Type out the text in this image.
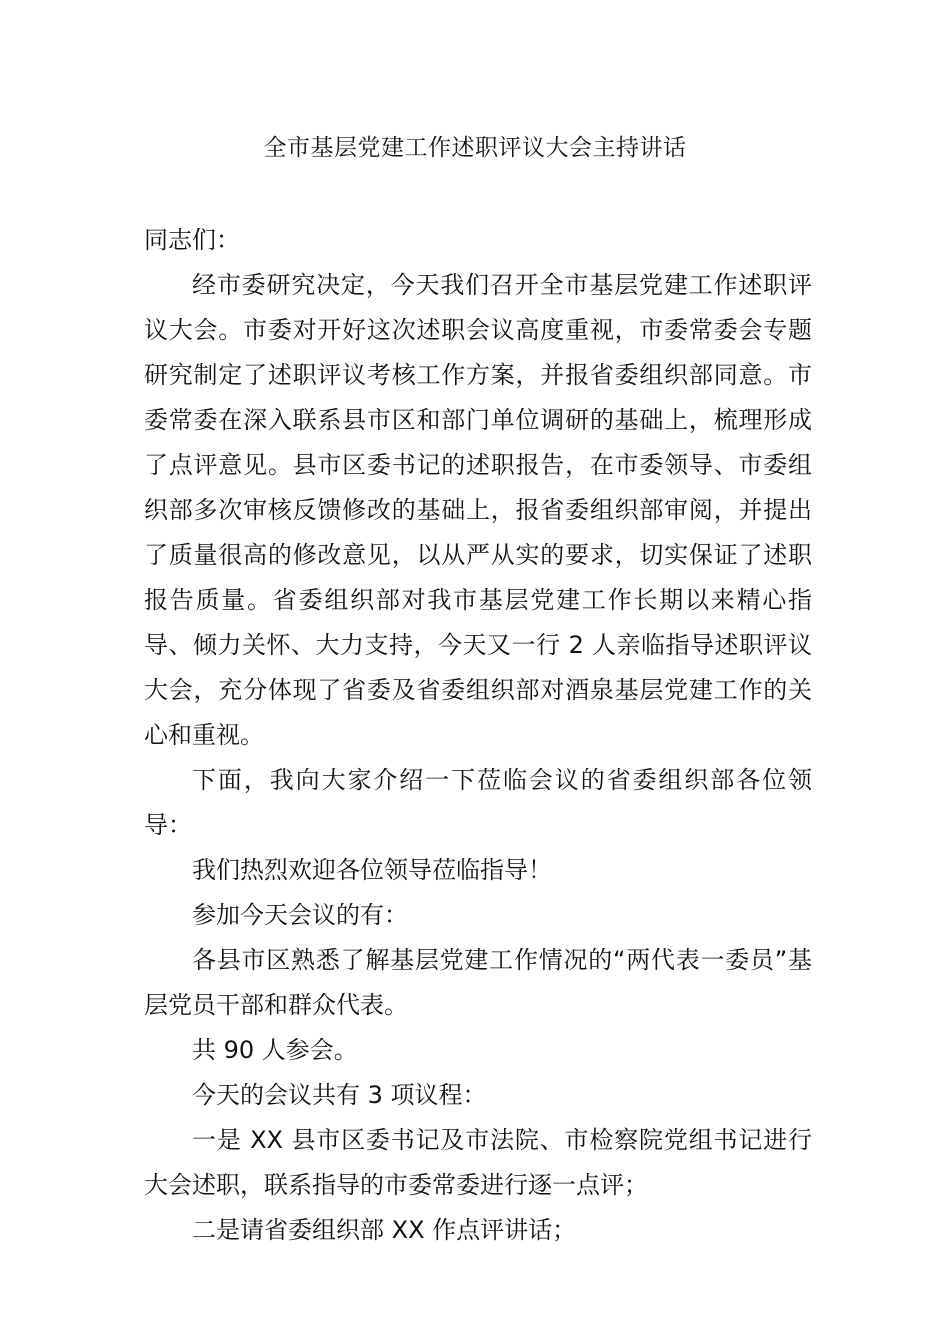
全市基层党建工作述职评议大会主持讲话

同志们：

经市委研究决定，今天我们召开全市基层党建工作述职评议大会。市委对开好这次述职会议高度重视，市委常委会专题研究制定了述职评议考核工作方案，并报省委组织部同意。市委常委在深入联系县市区和部门单位调研的基础上，梳理形成了点评意见。县市区委书记的述职报告，在市委领导、市委组织部多次审核反馈修改的基础上，报省委组织部审阅，并提出了质量很高的修改意见，以从严从实的要求，切实保证了述职报告质量。省委组织部对我市基层党建工作长期以来精心指导、倾力关怀、大力支持，今天又一行 2 人亲临指导述职评议大会，充分体现了省委及省委组织部对酒泉基层党建工作的关心和重视。

下面，我向大家介绍一下莅临会议的省委组织部各位领导：

我们热烈欢迎各位领导莅临指导！

参加今天会议的有：

各县市区熟悉了解基层党建工作情况的“两代表一委员”基层党员干部和群众代表。

共 90 人参会。

今天的会议共有 3 项议程：

一是 XX 县市区委书记及市法院、市检察院党组书记进行大会述职，联系指导的市委常委进行逐一点评；

二是请省委组织部 XX 作点评讲话；
